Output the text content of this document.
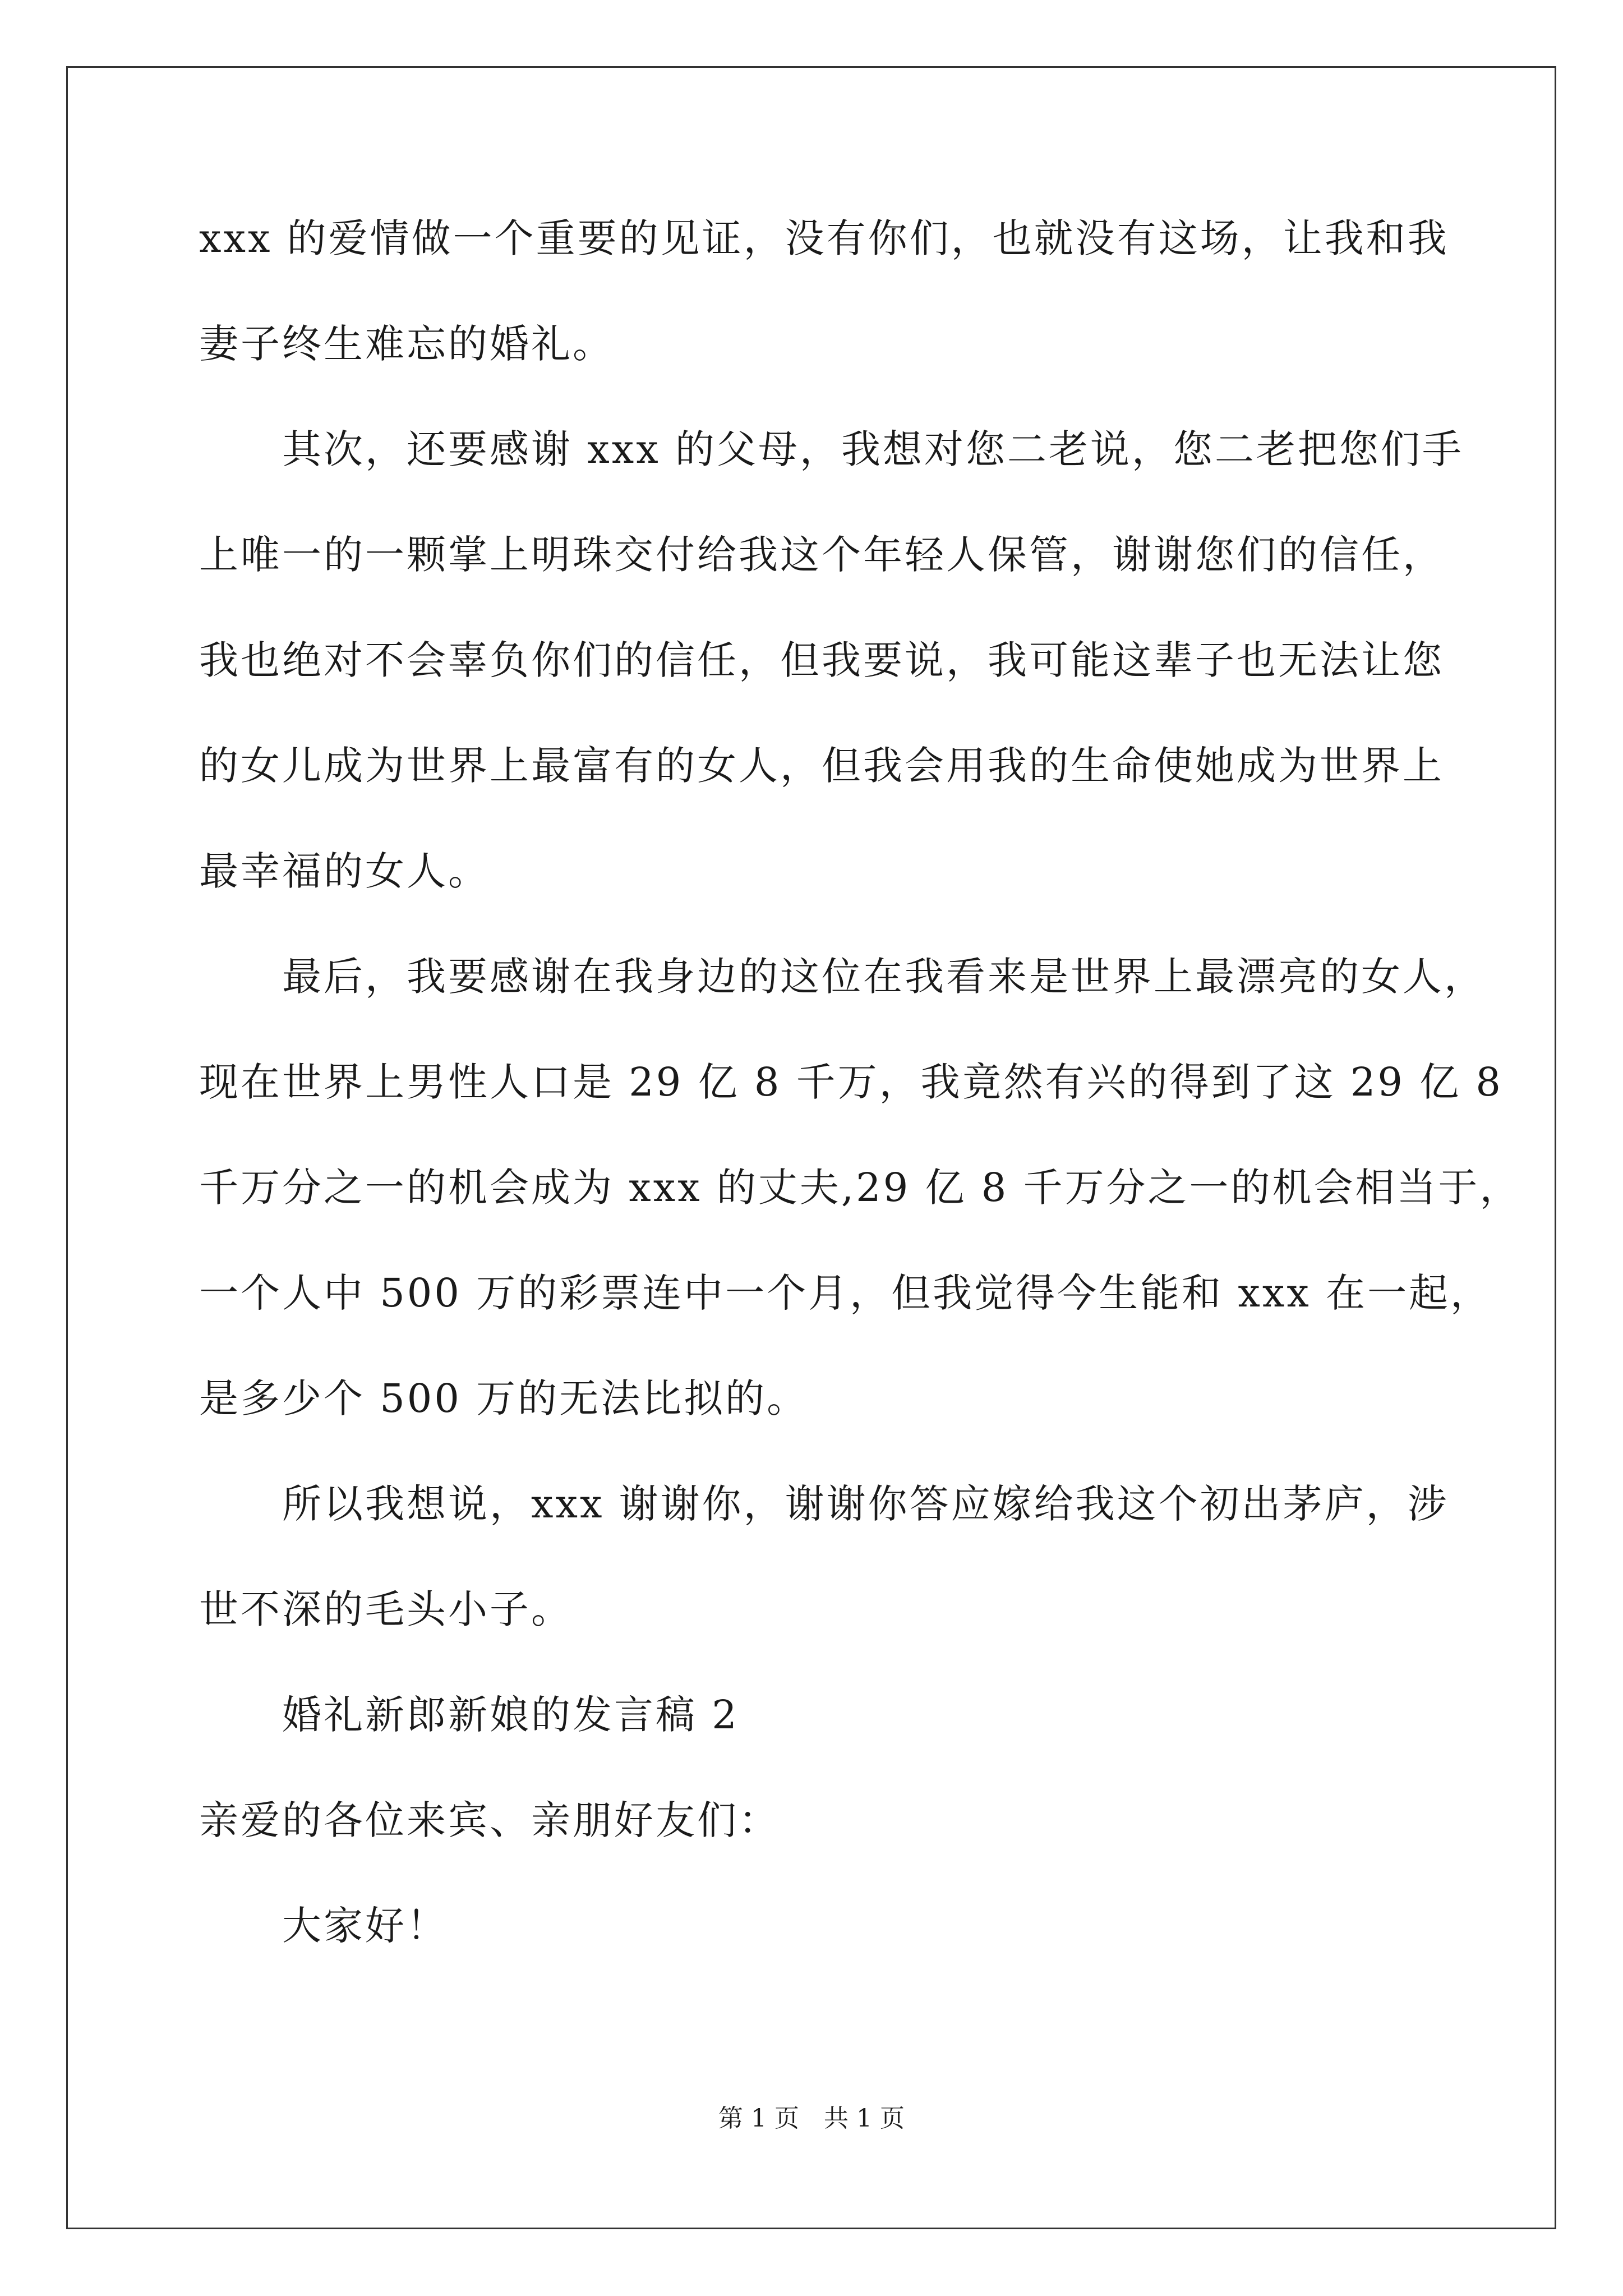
xxx 的爱情做一个重要的见证，没有你们，也就没有这场，让我和我
妻子终生难忘的婚礼。
其次，还要感谢 xxx 的父母，我想对您二老说，您二老把您们手
上唯一的一颗掌上明珠交付给我这个年轻人保管，谢谢您们的信任，
我也绝对不会辜负你们的信任，但我要说，我可能这辈子也无法让您
的女儿成为世界上最富有的女人，但我会用我的生命使她成为世界上
最幸福的女人。
最后，我要感谢在我身边的这位在我看来是世界上最漂亮的女人，
现在世界上男性人口是 29 亿 8 千万，我竟然有兴的得到了这 29 亿 8
千万分之一的机会成为 xxx 的丈夫,29 亿 8 千万分之一的机会相当于，
一个人中 500 万的彩票连中一个月，但我觉得今生能和 xxx 在一起，
是多少个 500 万的无法比拟的。
所以我想说，xxx 谢谢你，谢谢你答应嫁给我这个初出茅庐，涉
世不深的毛头小子。
婚礼新郎新娘的发言稿 2
亲爱的各位来宾、亲朋好友们：
大家好！
第 1 页　共 1 页
